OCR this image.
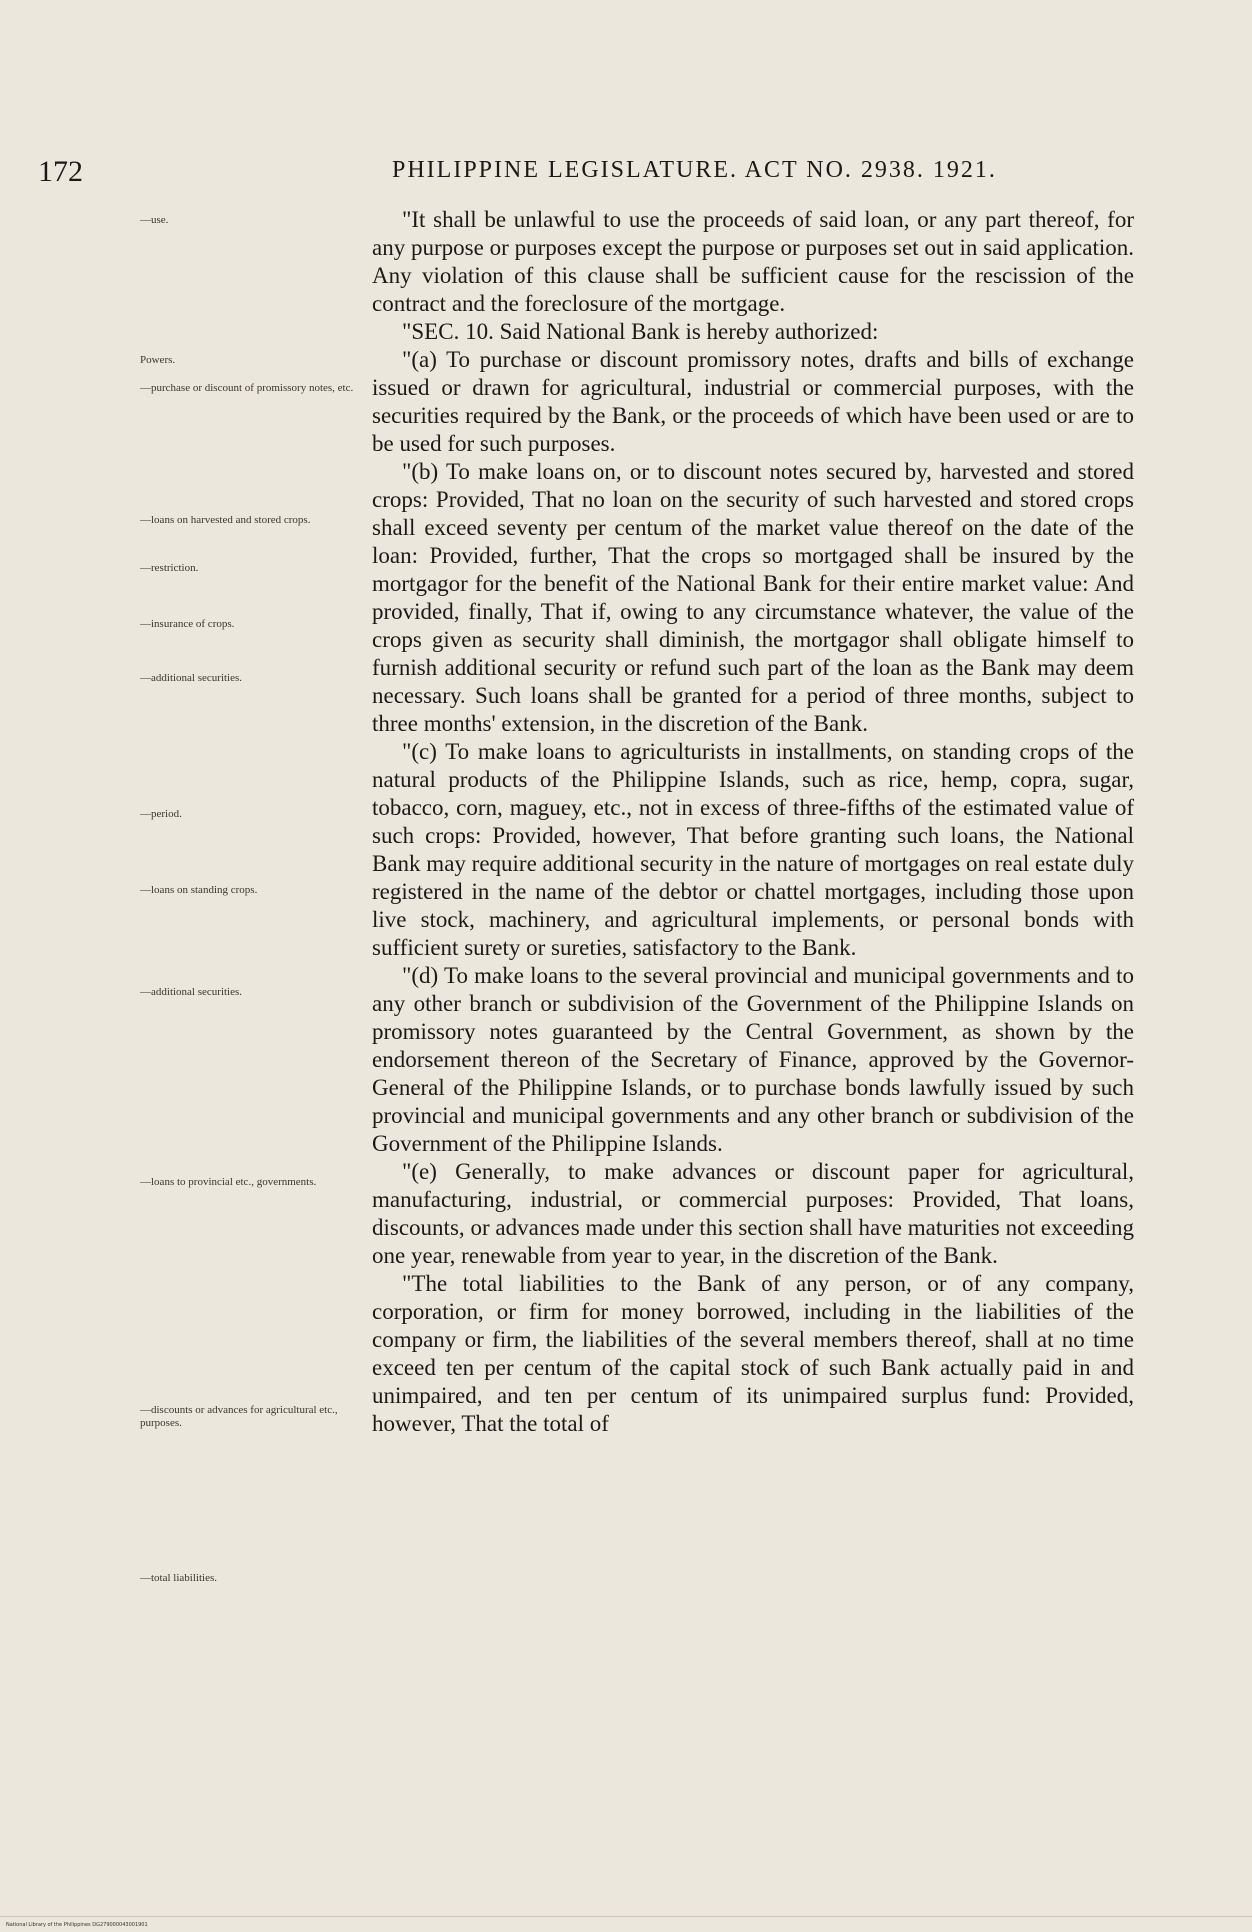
172	PHILIPPINE LEGISLATURE. ACT NO. 2938. 1921.
—use.
Powers.
—purchase or discount of promissory notes, etc.
—loans on harvested and stored crops.
—restriction.
—insurance of crops.
—additional securities.
—period.
—loans on standing crops.
—additional securities.
—loans to provincial etc., governments.
—discounts or advances for agricultural etc., purposes.
—total liabilities.

"It shall be unlawful to use the proceeds of said loan, or any part thereof, for any purpose or purposes except the purpose or purposes set out in said application. Any violation of this clause shall be sufficient cause for the rescission of the contract and the foreclosure of the mortgage.

"SEC. 10. Said National Bank is hereby authorized:

"(a) To purchase or discount promissory notes, drafts and bills of exchange issued or drawn for agricultural, industrial or commercial purposes, with the securities required by the Bank, or the proceeds of which have been used or are to be used for such purposes.

"(b) To make loans on, or to discount notes secured by, harvested and stored crops: Provided, That no loan on the security of such harvested and stored crops shall exceed seventy per centum of the market value thereof on the date of the loan: Provided, further, That the crops so mortgaged shall be insured by the mortgagor for the benefit of the National Bank for their entire market value: And provided, finally, That if, owing to any circumstance whatever, the value of the crops given as security shall diminish, the mortgagor shall obligate himself to furnish additional security or refund such part of the loan as the Bank may deem necessary. Such loans shall be granted for a period of three months, subject to three months' extension, in the discretion of the Bank.

"(c) To make loans to agriculturists in installments, on standing crops of the natural products of the Philippine Islands, such as rice, hemp, copra, sugar, tobacco, corn, maguey, etc., not in excess of three-fifths of the estimated value of such crops: Provided, however, That before granting such loans, the National Bank may require additional security in the nature of mortgages on real estate duly registered in the name of the debtor or chattel mortgages, including those upon live stock, machinery, and agricultural implements, or personal bonds with sufficient surety or sureties, satisfactory to the Bank.

"(d) To make loans to the several provincial and municipal governments and to any other branch or subdivision of the Government of the Philippine Islands on promissory notes guaranteed by the Central Government, as shown by the endorsement thereon of the Secretary of Finance, approved by the Governor-General of the Philippine Islands, or to purchase bonds lawfully issued by such provincial and municipal governments and any other branch or subdivision of the Government of the Philippine Islands.

"(e) Generally, to make advances or discount paper for agricultural, manufacturing, industrial, or commercial purposes: Provided, That loans, discounts, or advances made under this section shall have maturities not exceeding one year, renewable from year to year, in the discretion of the Bank.

"The total liabilities to the Bank of any person, or of any company, corporation, or firm for money borrowed, including in the liabilities of the company or firm, the liabilities of the several members thereof, shall at no time exceed ten per centum of the capital stock of such Bank actually paid in and unimpaired, and ten per centum of its unimpaired surplus fund: Provided, however, That the total of

National Library of the Philippines DG279000043001901
